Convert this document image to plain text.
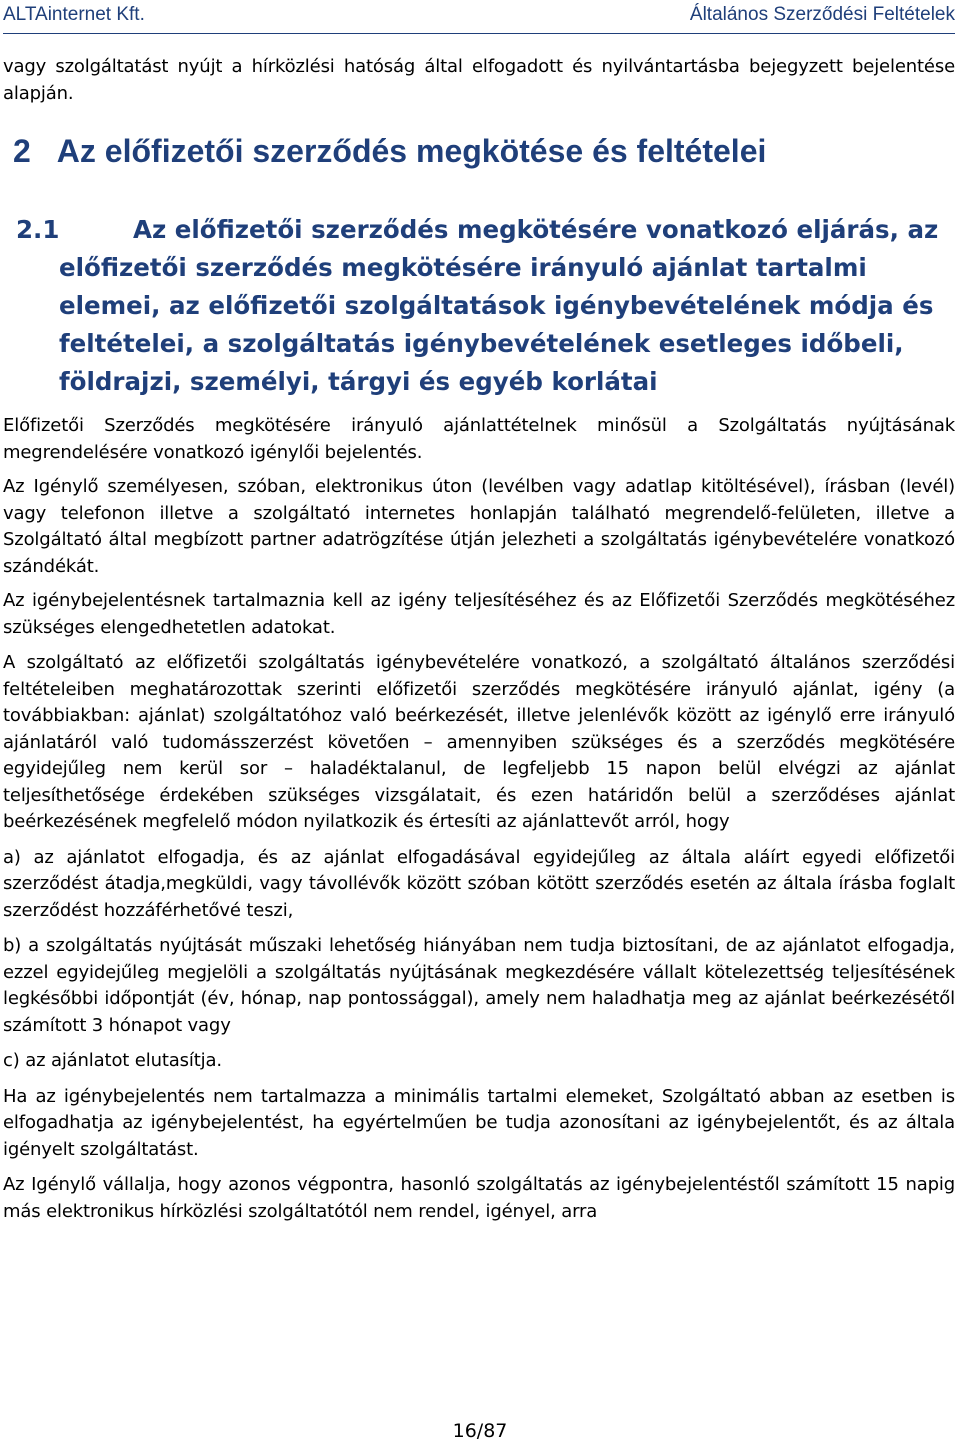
ALTAinternet Kft.	Általános Szerződési Feltételek

vagy szolgáltatást nyújt a hírközlési hatóság által elfogadott és nyilvántartásba bejegyzett bejelentése alapján.

2 Az előfizetői szerződés megkötése és feltételei
2.1	Az előfizetői szerződés megkötésére vonatkozó eljárás, az előfizetői szerződés megkötésére irányuló ajánlat tartalmi elemei, az előfizetői szolgáltatások igénybevételének módja és feltételei, a szolgáltatás igénybevételének esetleges időbeli, földrajzi, személyi, tárgyi és egyéb korlátai

Előfizetői Szerződés megkötésére irányuló ajánlattételnek minősül a Szolgáltatás nyújtásának megrendelésére vonatkozó igénylői bejelentés.

Az Igénylő személyesen, szóban, elektronikus úton (levélben vagy adatlap kitöltésével), írásban (levél) vagy telefonon illetve a szolgáltató internetes honlapján található megrendelő-felületen, illetve a Szolgáltató által megbízott partner adatrögzítése útján jelezheti a szolgáltatás igénybevételére vonatkozó szándékát.

Az igénybejelentésnek tartalmaznia kell az igény teljesítéséhez és az Előfizetői Szerződés megkötéséhez szükséges elengedhetetlen adatokat.

A szolgáltató az előfizetői szolgáltatás igénybevételére vonatkozó, a szolgáltató általános szerződési feltételeiben meghatározottak szerinti előfizetői szerződés megkötésére irányuló ajánlat, igény (a továbbiakban: ajánlat) szolgáltatóhoz való beérkezését, illetve jelenlévők között az igénylő erre irányuló ajánlatáról való tudomásszerzést követően – amennyiben szükséges és a szerződés megkötésére egyidejűleg nem kerül sor – haladéktalanul, de legfeljebb 15 napon belül elvégzi az ajánlat teljesíthetősége érdekében szükséges vizsgálatait, és ezen határidőn belül a szerződéses ajánlat beérkezésének megfelelő módon nyilatkozik és értesíti az ajánlattevőt arról, hogy

a) az ajánlatot elfogadja, és az ajánlat elfogadásával egyidejűleg az általa aláírt egyedi előfizetői szerződést átadja,megküldi, vagy távollévők között szóban kötött szerződés esetén az általa írásba foglalt szerződést hozzáférhetővé teszi,

b) a szolgáltatás nyújtását műszaki lehetőség hiányában nem tudja biztosítani, de az ajánlatot elfogadja, ezzel egyidejűleg megjelöli a szolgáltatás nyújtásának megkezdésére vállalt kötelezettség teljesítésének legkésőbbi időpontját (év, hónap, nap pontossággal), amely nem haladhatja meg az ajánlat beérkezésétől számított 3 hónapot vagy

c) az ajánlatot elutasítja.

Ha az igénybejelentés nem tartalmazza a minimális tartalmi elemeket, Szolgáltató abban az esetben is elfogadhatja az igénybejelentést, ha egyértelműen be tudja azonosítani az igénybejelentőt, és az általa igényelt szolgáltatást.

Az Igénylő vállalja, hogy azonos végpontra, hasonló szolgáltatás az igénybejelentéstől számított 15 napig más elektronikus hírközlési szolgáltatótól nem rendel, igényel, arra

16/87
